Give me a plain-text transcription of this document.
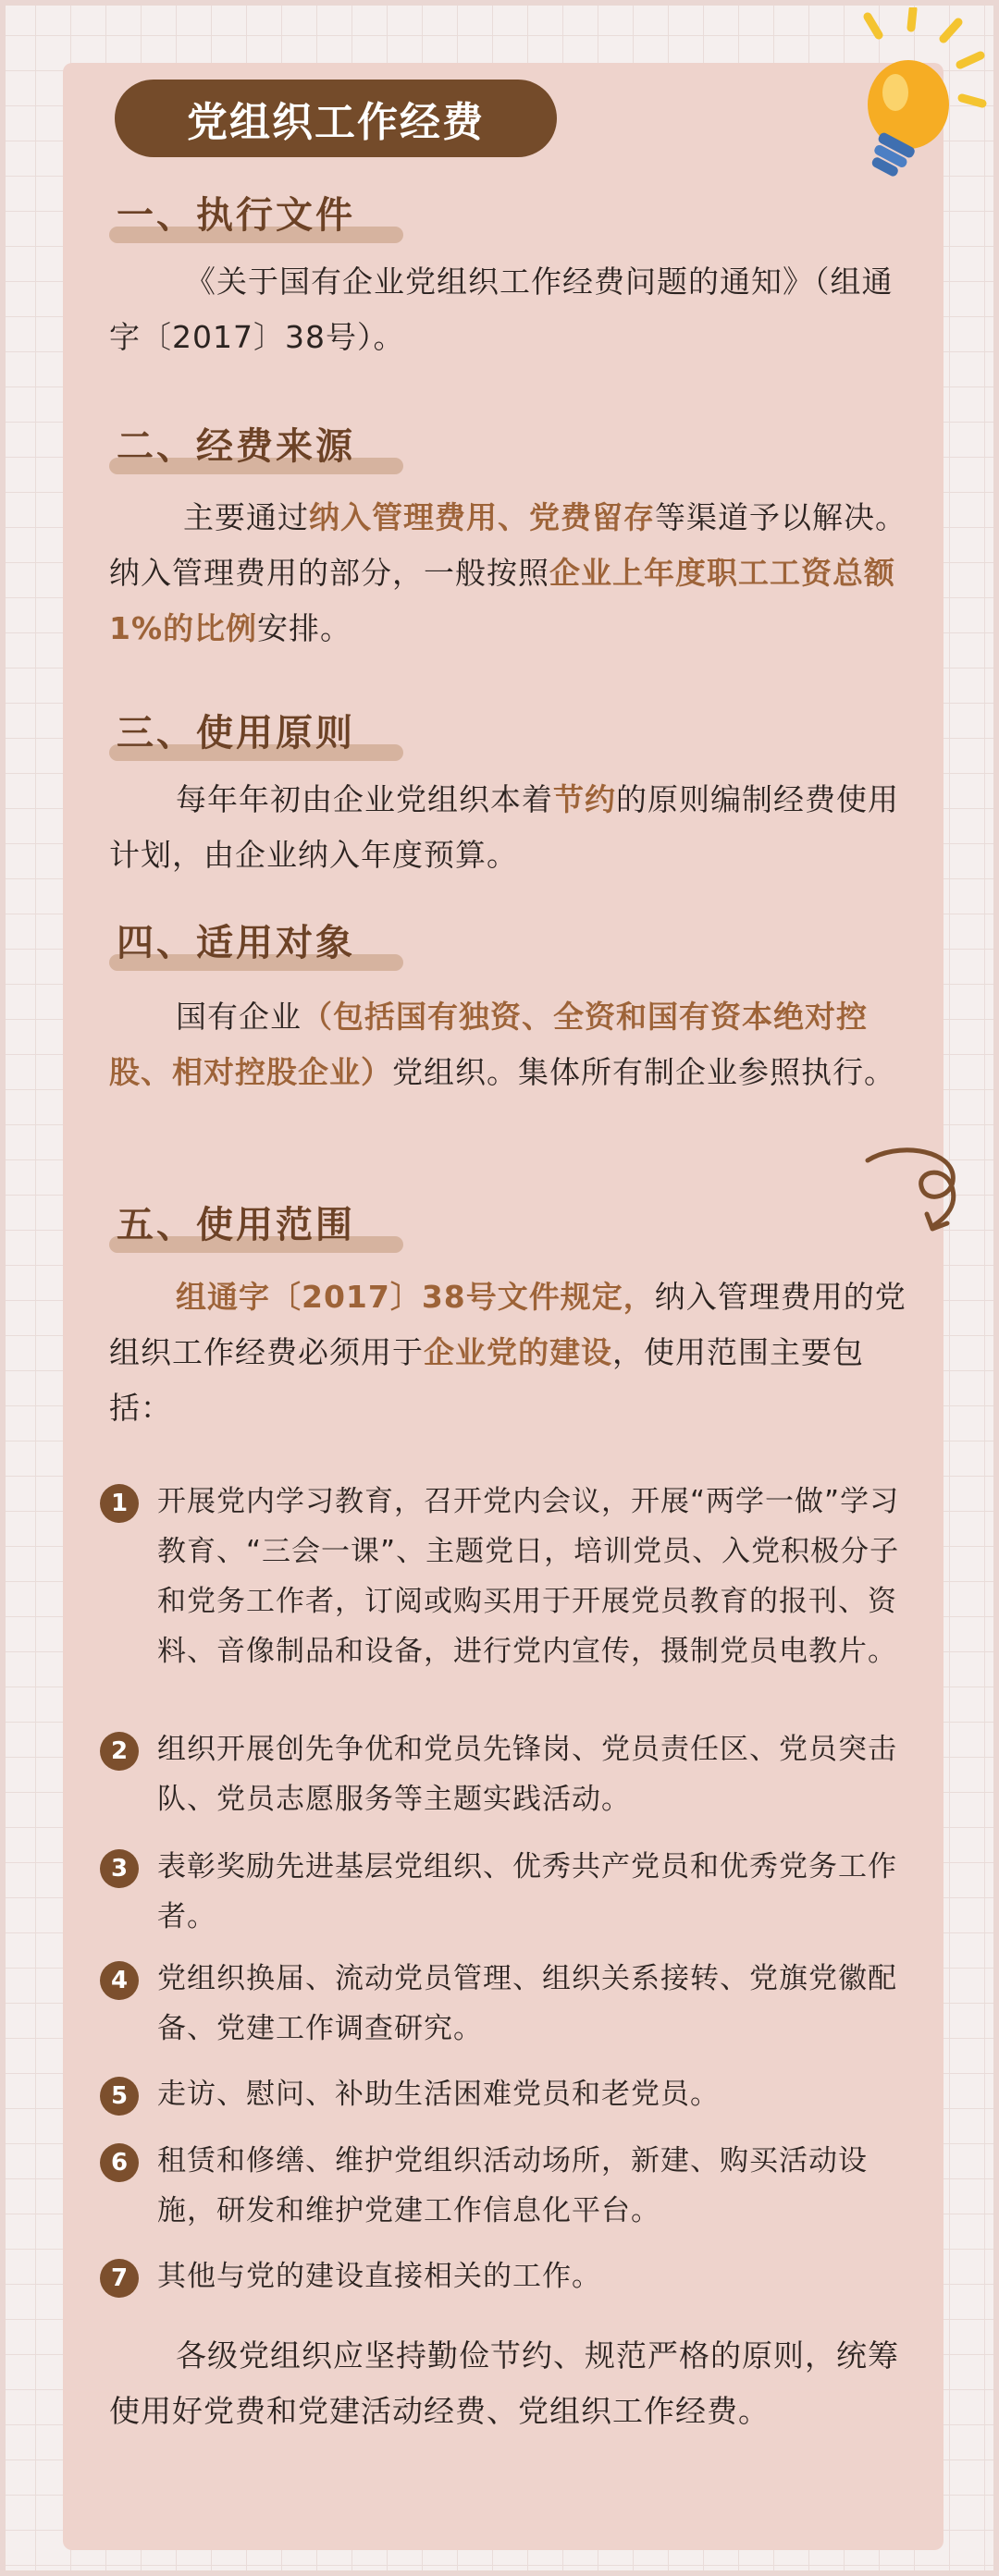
党组织工作经费
一、执行文件

《关于国有企业党组织工作经费问题的通知》（组通字〔2017〕38号）。

二、经费来源

主要通过纳入管理费用、党费留存等渠道予以解决。纳入管理费用的部分，一般按照企业上年度职工工资总额1%的比例安排。

三、使用原则

每年年初由企业党组织本着节约的原则编制经费使用计划，由企业纳入年度预算。

四、适用对象

国有企业（包括国有独资、全资和国有资本绝对控股、相对控股企业）党组织。集体所有制企业参照执行。

五、使用范围

组通字〔2017〕38号文件规定，纳入管理费用的党组织工作经费必须用于企业党的建设，使用范围主要包括：

1	开展党内学习教育，召开党内会议，开展“两学一做”学习教育、“三会一课”、主题党日，培训党员、入党积极分子和党务工作者，订阅或购买用于开展党员教育的报刊、资料、音像制品和设备，进行党内宣传，摄制党员电教片。

2	组织开展创先争优和党员先锋岗、党员责任区、党员突击队、党员志愿服务等主题实践活动。

3	表彰奖励先进基层党组织、优秀共产党员和优秀党务工作者。

4	党组织换届、流动党员管理、组织关系接转、党旗党徽配备、党建工作调查研究。

5	走访、慰问、补助生活困难党员和老党员。

6	租赁和修缮、维护党组织活动场所，新建、购买活动设施，研发和维护党建工作信息化平台。

7	其他与党的建设直接相关的工作。

各级党组织应坚持勤俭节约、规范严格的原则，统筹使用好党费和党建活动经费、党组织工作经费。
